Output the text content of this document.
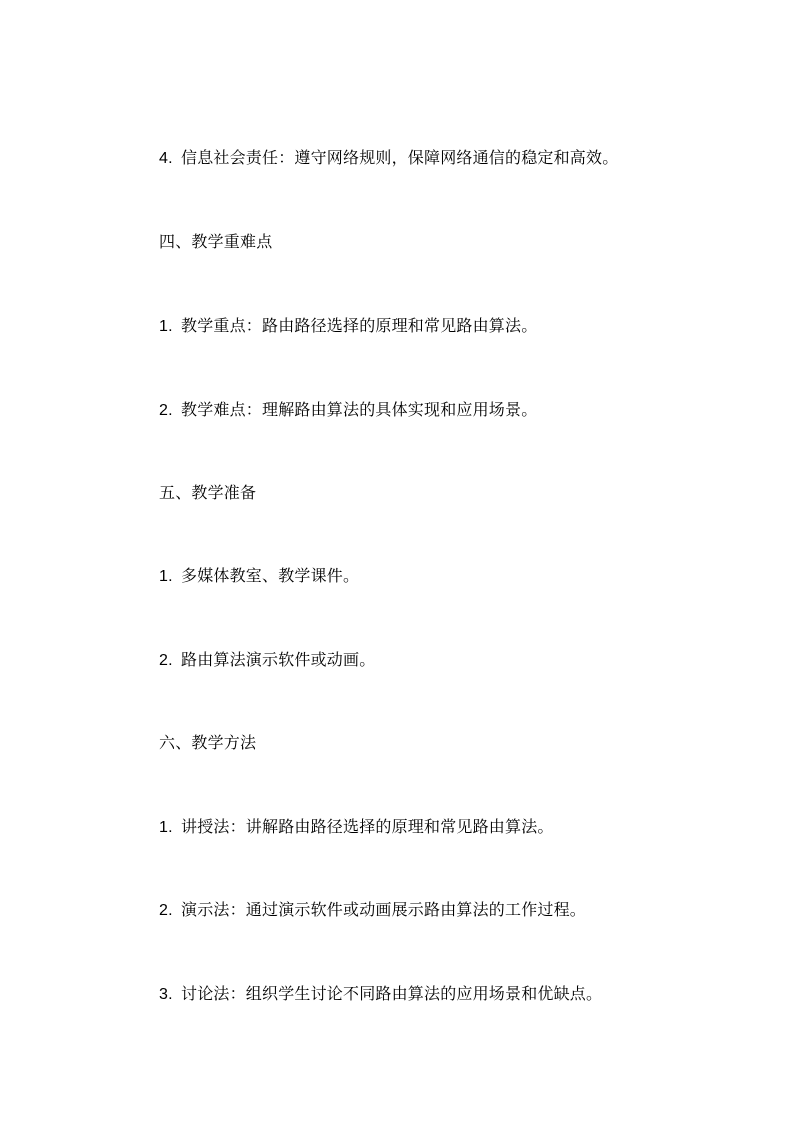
4. 信息社会责任：遵守网络规则，保障网络通信的稳定和高效。
四、教学重难点
1. 教学重点：路由路径选择的原理和常见路由算法。
2. 教学难点：理解路由算法的具体实现和应用场景。
五、教学准备
1. 多媒体教室、教学课件。
2. 路由算法演示软件或动画。
六、教学方法
1. 讲授法：讲解路由路径选择的原理和常见路由算法。
2. 演示法：通过演示软件或动画展示路由算法的工作过程。
3. 讨论法：组织学生讨论不同路由算法的应用场景和优缺点。
